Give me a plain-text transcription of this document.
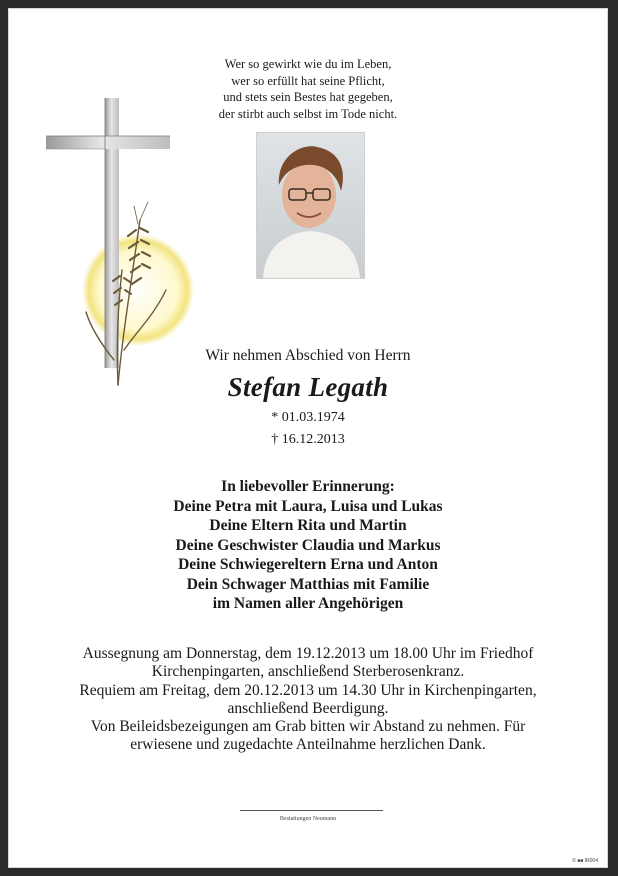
Wer so gewirkt wie du im Leben,
wer so erfüllt hat seine Pflicht,
und stets sein Bestes hat gegeben,
der stirbt auch selbst im Tode nicht.
Wir nehmen Abschied von Herrn
Stefan Legath
* 01.03.1974
† 16.12.2013
In liebevoller Erinnerung:
Deine Petra mit Laura, Luisa und Lukas
Deine Eltern Rita und Martin
Deine Geschwister Claudia und Markus
Deine Schwiegereltern Erna und Anton
Dein Schwager Matthias mit Familie
im Namen aller Angehörigen
Aussegnung am Donnerstag, dem 19.12.2013 um 18.00 Uhr im Friedhof
Kirchenpingarten, anschließend Sterberosenkranz.
Requiem am Freitag, dem 20.12.2013 um 14.30 Uhr in Kirchenpingarten,
anschließend Beerdigung.
Von Beileidsbezeigungen am Grab bitten wir Abstand zu nehmen. Für
erwiesene und zugedachte Anteilnahme herzlichen Dank.
Bestattungen Neumann
© ■■ IR004
